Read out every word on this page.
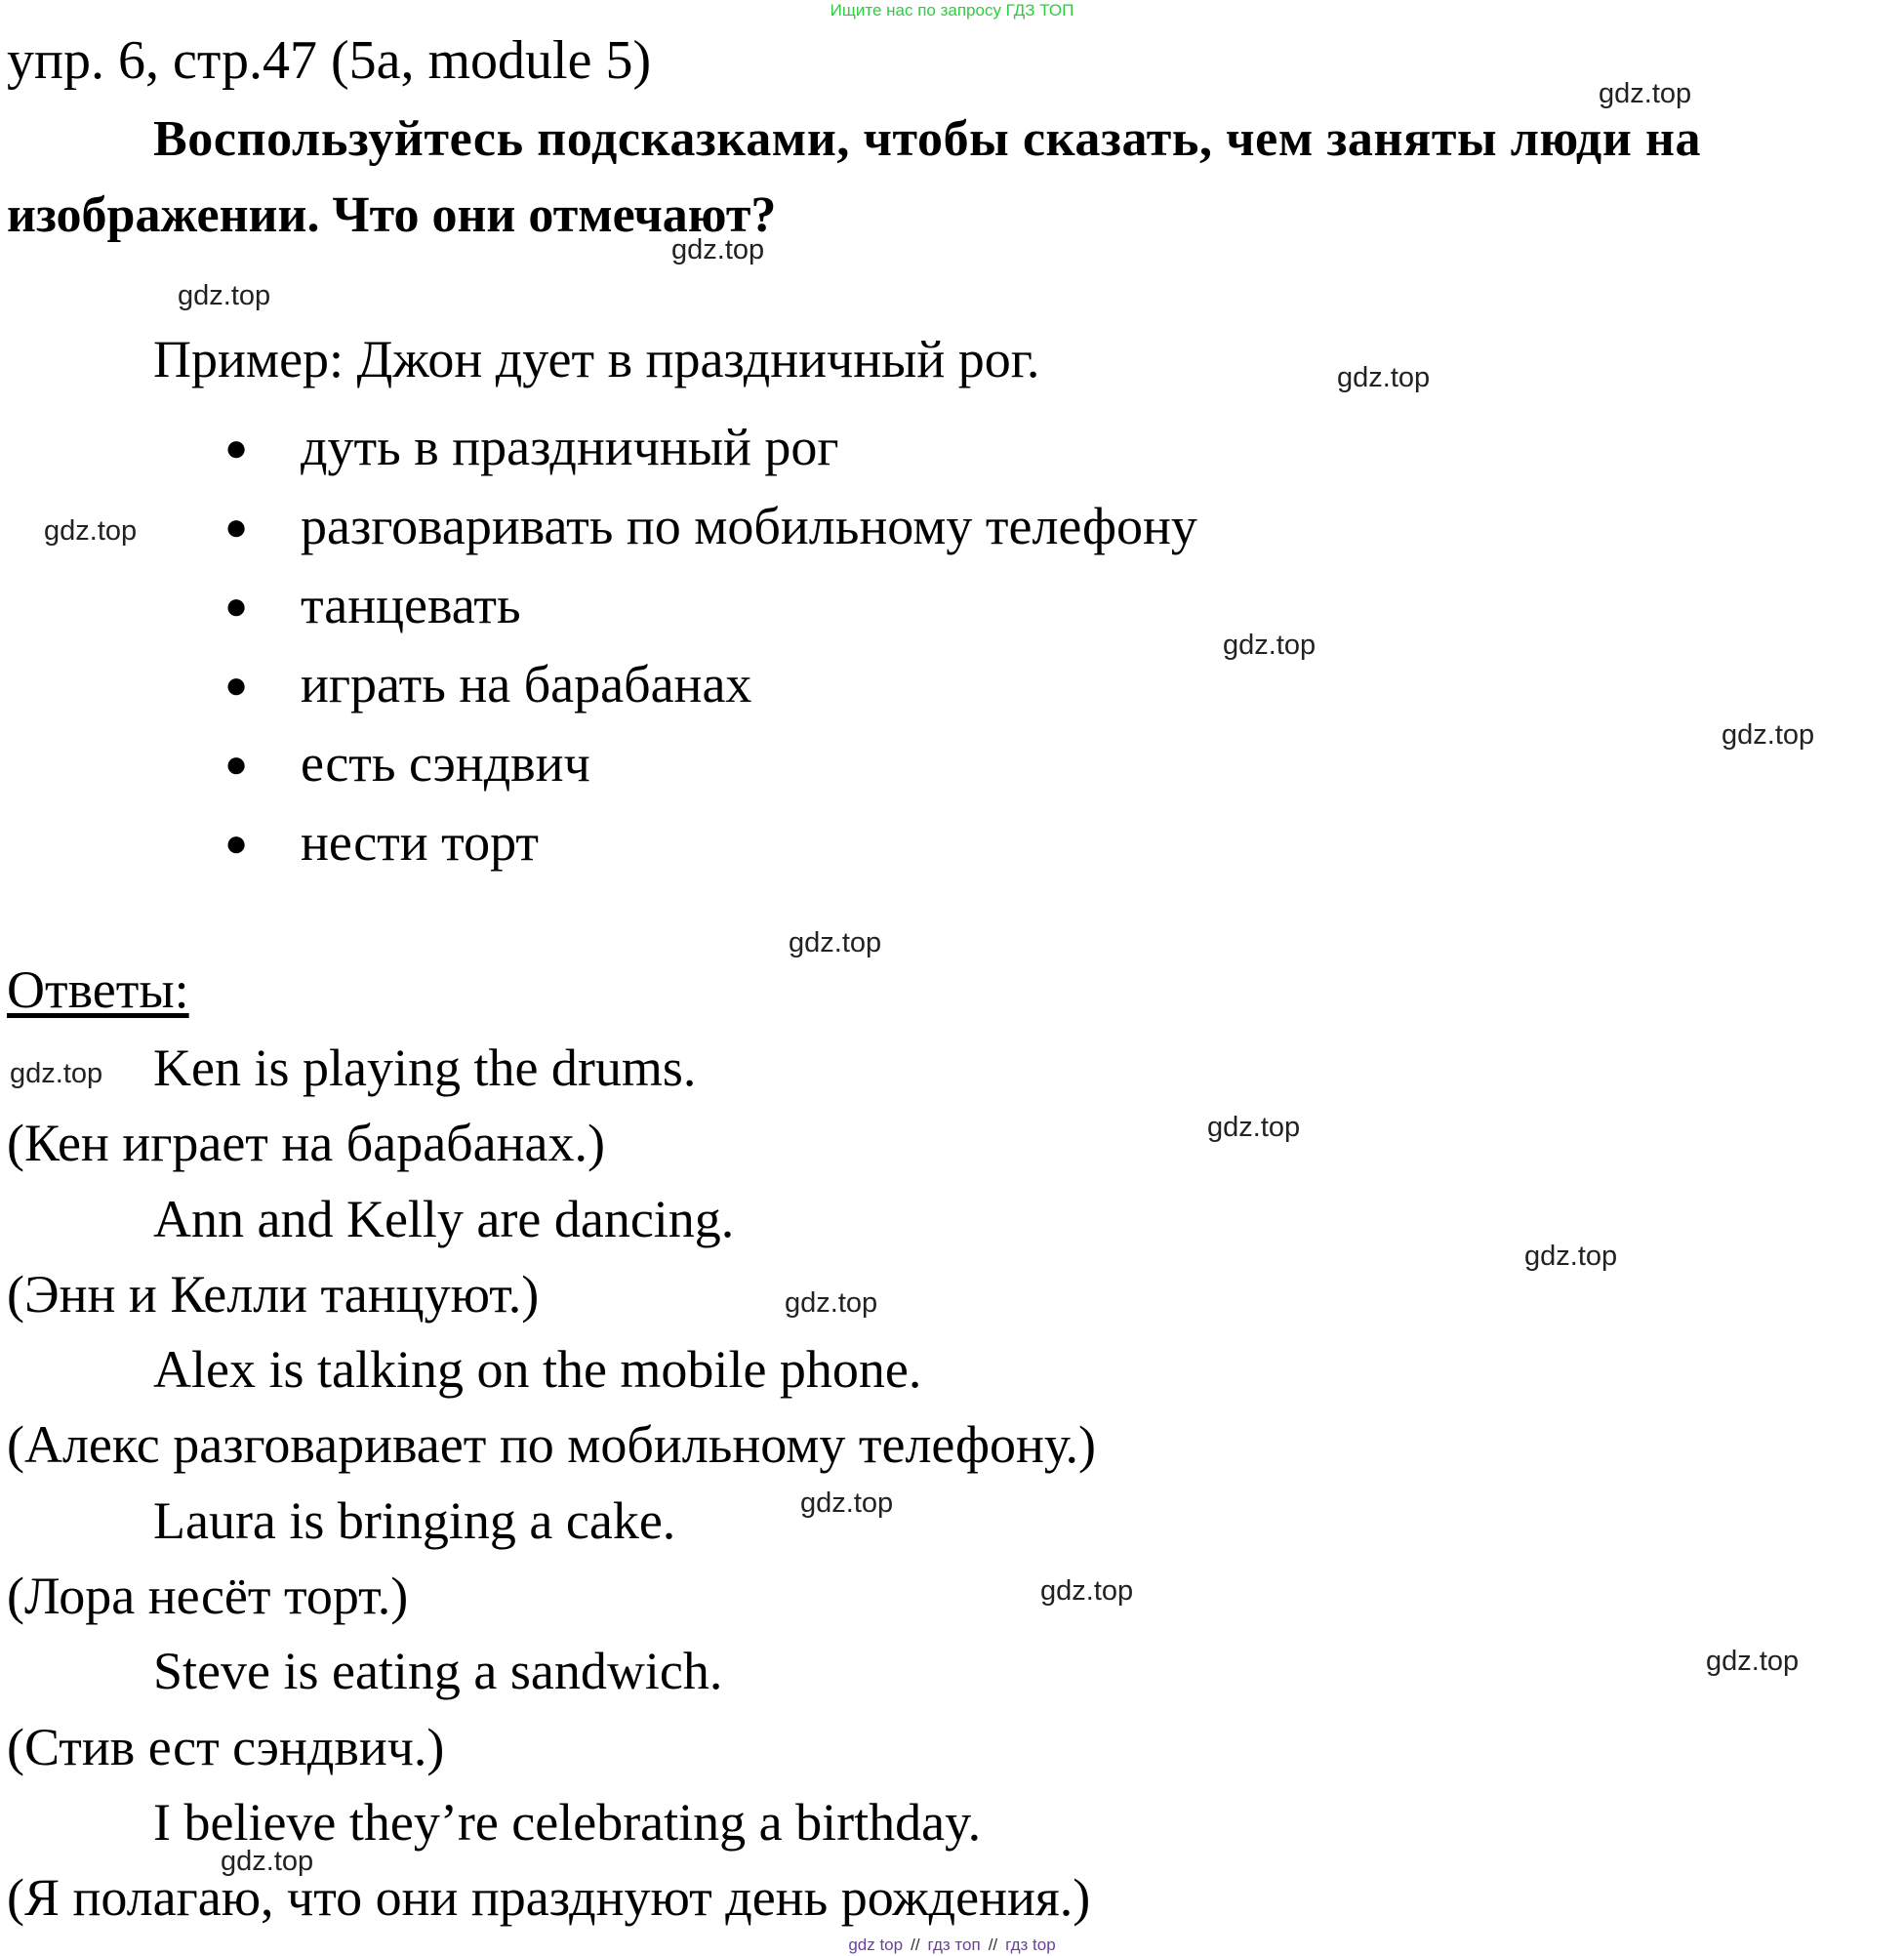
Ищите нас по запросу ГДЗ ТОП
упр. 6, стр.47 (5а, module 5)
Воспользуйтесь подсказками, чтобы сказать, чем заняты люди на
изображении. Что они отмечают?
Пример: Джон дует в праздничный рог.
● дуть в праздничный рог
● разговаривать по мобильному телефону
● танцевать
● играть на барабанах
● есть сэндвич
● нести торт
Ответы:
Ken is playing the drums.
(Кен играет на барабанах.)
Ann and Kelly are dancing.
(Энн и Келли танцуют.)
Alex is talking on the mobile phone.
(Алекс разговаривает по мобильному телефону.)
Laura is bringing a cake.
(Лора несёт торт.)
Steve is eating a sandwich.
(Стив ест сэндвич.)
I believe they’re celebrating a birthday.
(Я полагаю, что они празднуют день рождения.)
gdz.top
gdz.top
gdz.top
gdz.top
gdz.top
gdz.top
gdz.top
gdz.top
gdz.top
gdz.top
gdz.top
gdz.top
gdz.top
gdz.top
gdz.top
gdz.top
gdz top // гдз топ // гдз top
